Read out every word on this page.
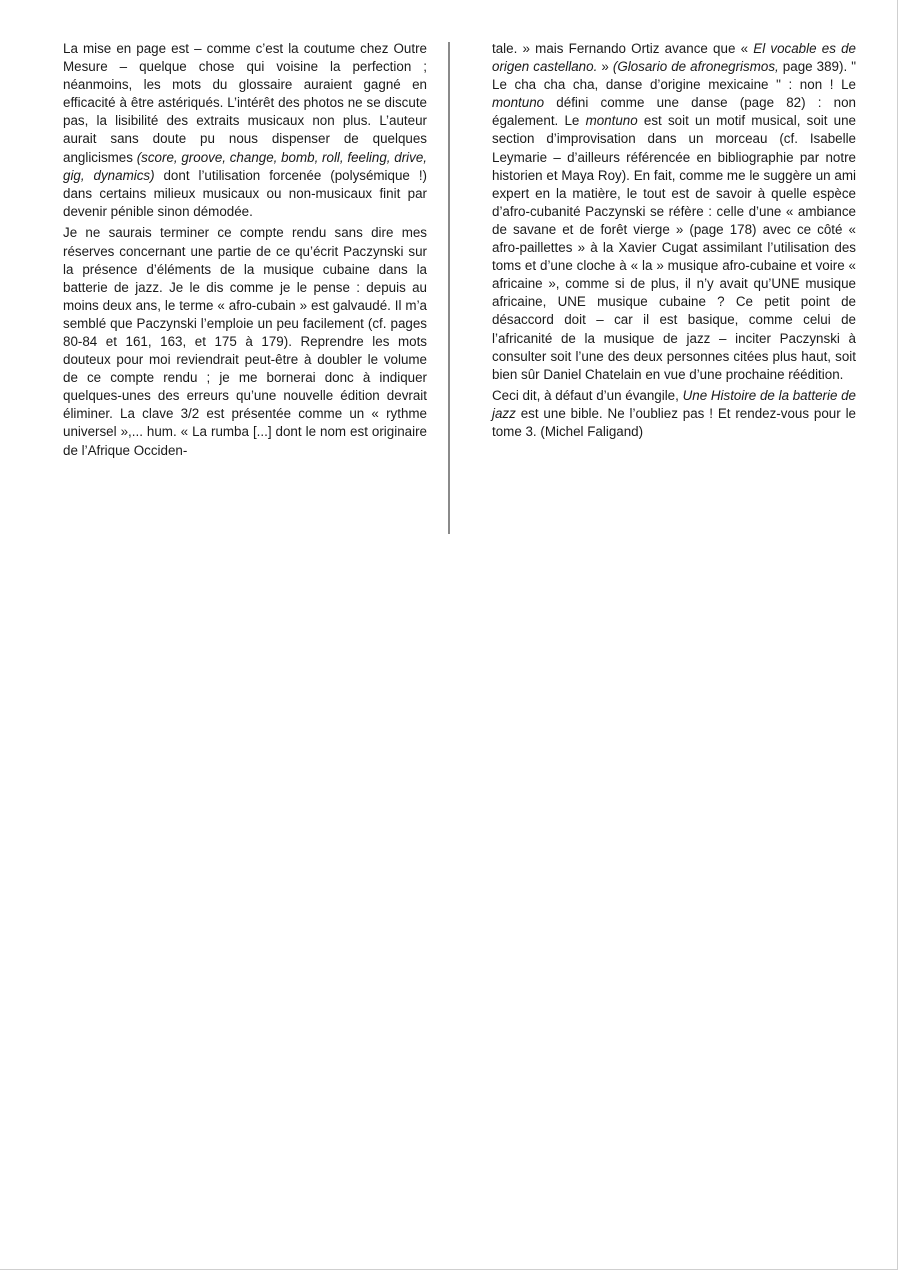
La mise en page est – comme c’est la coutume chez Outre Mesure – quelque chose qui voisine la perfection ; néanmoins, les mots du glossaire auraient gagné en efficacité à être astériqués. L’intérêt des photos ne se discute pas, la lisibilité des extraits musicaux non plus. L’auteur aurait sans doute pu nous dispenser de quelques anglicismes (score, groove, change, bomb, roll, feeling, drive, gig, dynamics) dont l’utilisation forcenée (polysémique !) dans certains milieux musicaux ou non-musicaux finit par devenir pénible sinon démodée.

Je ne saurais terminer ce compte rendu sans dire mes réserves concernant une partie de ce qu’écrit Paczynski sur la présence d’éléments de la musique cubaine dans la batterie de jazz. Je le dis comme je le pense : depuis au moins deux ans, le terme « afro-cubain » est galvaudé. Il m’a semblé que Paczynski l’emploie un peu facilement (cf. pages 80-84 et 161, 163, et 175 à 179). Reprendre les mots douteux pour moi reviendrait peut-être à doubler le volume de ce compte rendu ; je me bornerai donc à indiquer quelques-unes des erreurs qu’une nouvelle édition devrait éliminer. La clave 3/2 est présentée comme un « rythme universel »,... hum. « La rumba [...] dont le nom est originaire de l’Afrique Occiden-

tale. » mais Fernando Ortiz avance que « El vocable es de origen castellano. » (Glosario de afronegrismos, page 389). " Le cha cha cha, danse d’origine mexicaine " : non ! Le montuno défini comme une danse (page 82) : non également. Le montuno est soit un motif musical, soit une section d’improvisation dans un morceau (cf. Isabelle Leymarie – d’ailleurs référencée en bibliographie par notre historien et Maya Roy). En fait, comme me le suggère un ami expert en la matière, le tout est de savoir à quelle espèce d’afro-cubanité Paczynski se réfère : celle d’une « ambiance de savane et de forêt vierge » (page 178) avec ce côté « afro-paillettes » à la Xavier Cugat assimilant l’utilisation des toms et d’une cloche à « la » musique afro-cubaine et voire « africaine », comme si de plus, il n’y avait qu’UNE musique africaine, UNE musique cubaine ? Ce petit point de désaccord doit – car il est basique, comme celui de l’africanité de la musique de jazz – inciter Paczynski à consulter soit l’une des deux personnes citées plus haut, soit bien sûr Daniel Chatelain en vue d’une prochaine réédition.

Ceci dit, à défaut d’un évangile, Une Histoire de la batterie de jazz est une bible. Ne l’oubliez pas ! Et rendez-vous pour le tome 3. (Michel Faligand)
